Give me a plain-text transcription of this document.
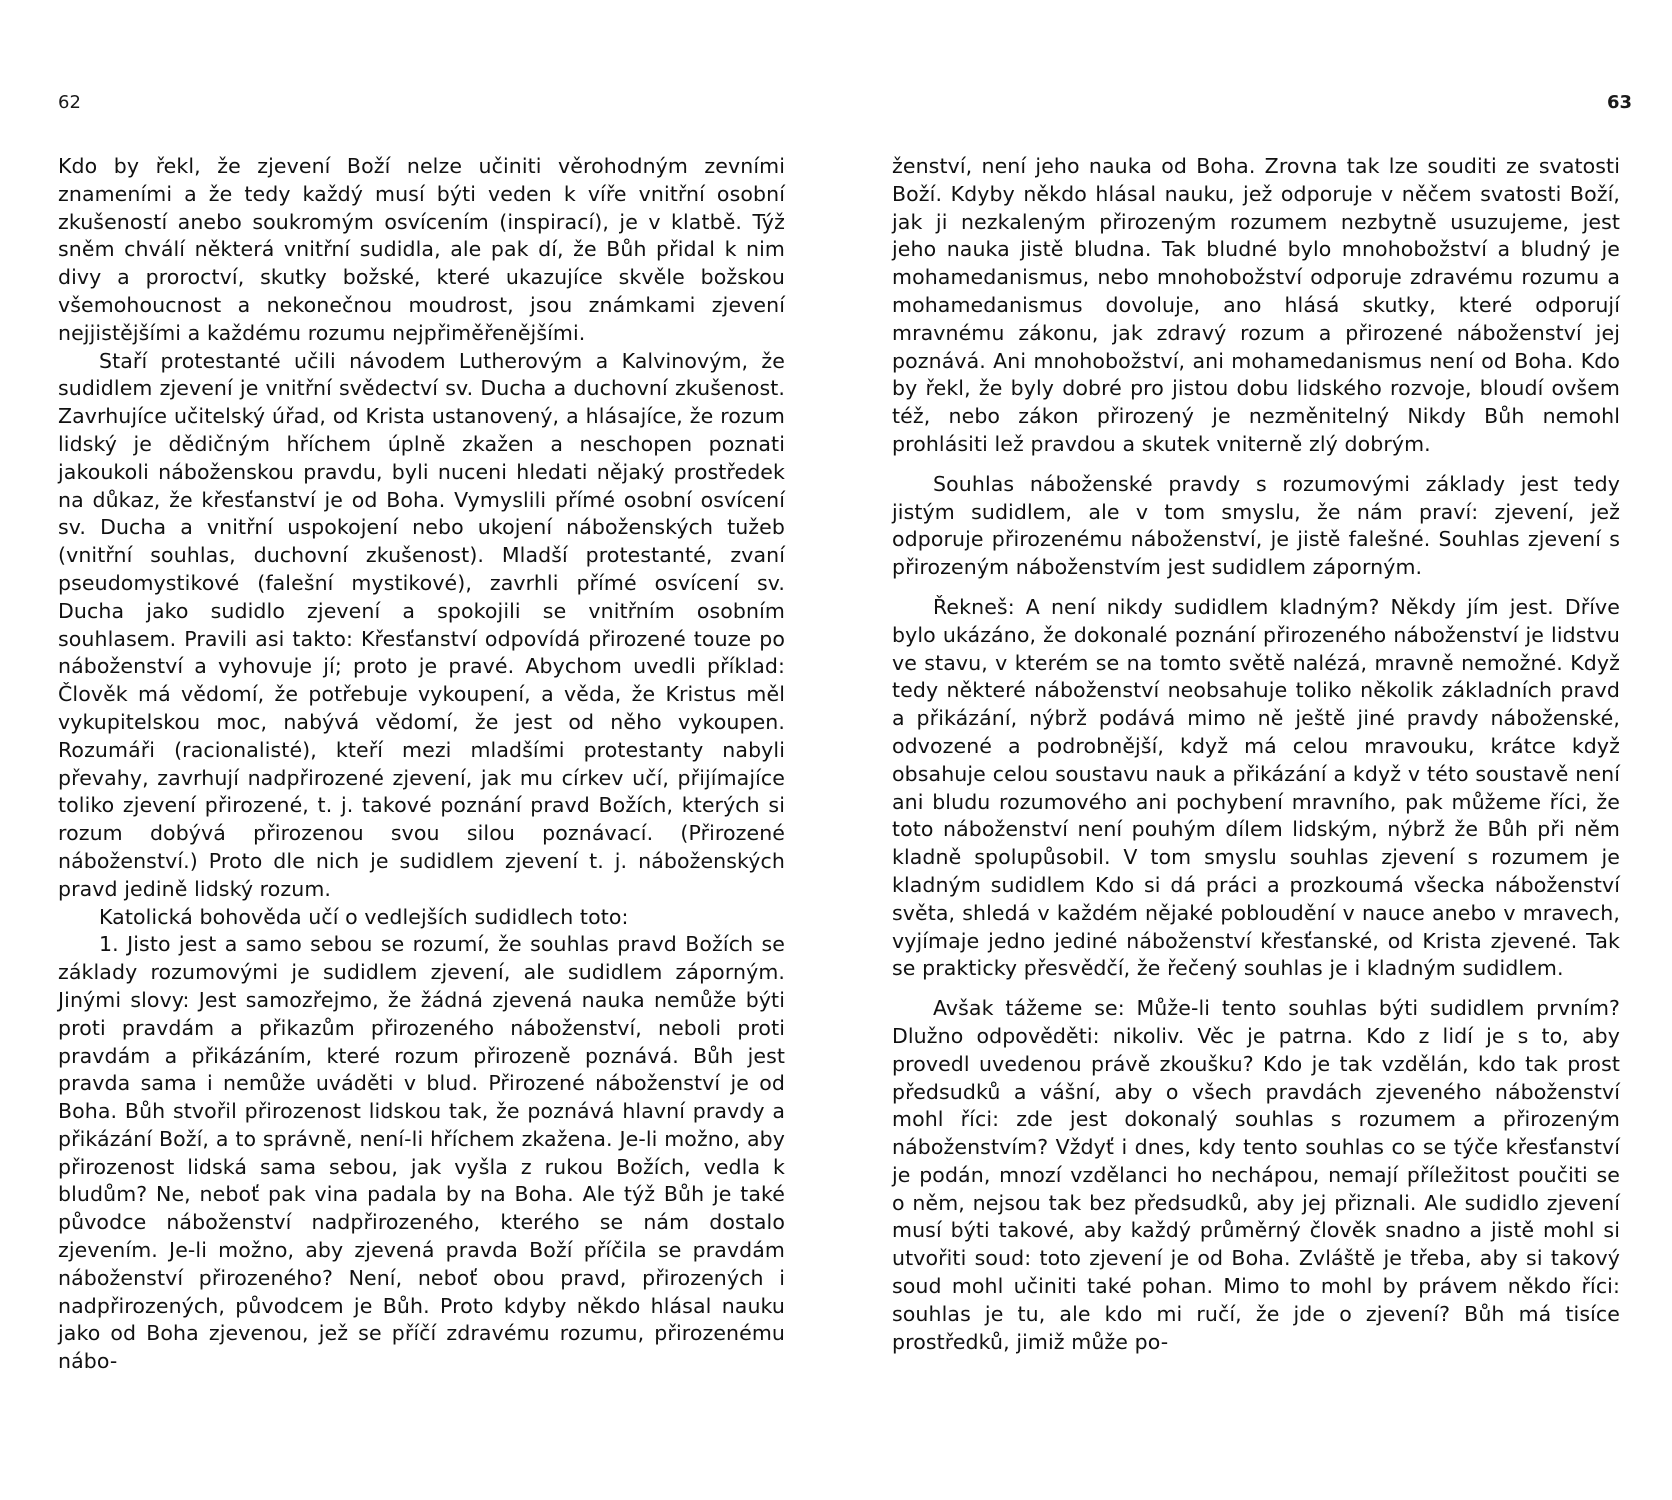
62

Kdo by řekl, že zjevení Boží nelze učiniti věrohodným zevními znameními a že tedy každý musí býti veden k víře vnitřní osobní zkušeností anebo soukromým osvícením (inspirací), je v klatbě. Týž sněm chválí některá vnitřní sudidla, ale pak dí, že Bůh přidal k nim divy a proroctví, skutky božské, které ukazujíce skvěle božskou všemohoucnost a nekonečnou moudrost, jsou známkami zjevení nejjistějšími a každému rozumu nejpřiměřenějšími.

Staří protestanté učili návodem Lutherovým a Kalvinovým, že sudidlem zjevení je vnitřní svědectví sv. Ducha a duchovní zkušenost. Zavrhujíce učitelský úřad, od Krista ustanovený, a hlásajíce, že rozum lidský je dědičným hříchem úplně zkažen a neschopen poznati jakoukoli náboženskou pravdu, byli nuceni hledati nějaký prostředek na důkaz, že křesťanství je od Boha. Vymyslili přímé osobní osvícení sv. Ducha a vnitřní uspokojení nebo ukojení náboženských tužeb (vnitřní souhlas, duchovní zkušenost). Mladší protestanté, zvaní pseudomystikové (falešní mystikové), zavrhli přímé osvícení sv. Ducha jako sudidlo zjevení a spokojili se vnitřním osobním souhlasem. Pravili asi takto: Křesťanství odpovídá přirozené touze po náboženství a vyhovuje jí; proto je pravé. Abychom uvedli příklad: Člověk má vědomí, že potřebuje vykoupení, a věda, že Kristus měl vykupitelskou moc, nabývá vědomí, že jest od něho vykoupen. Rozumáři (racionalisté), kteří mezi mladšími protestanty nabyli převahy, zavrhují nadpřirozené zjevení, jak mu církev učí, přijímajíce toliko zjevení přirozené, t. j. takové poznání pravd Božích, kterých si rozum dobývá přirozenou svou silou poznávací. (Přirozené náboženství.) Proto dle nich je sudidlem zjevení t. j. náboženských pravd jedině lidský rozum.

Katolická bohověda učí o vedlejších sudidlech toto:

1. Jisto jest a samo sebou se rozumí, že souhlas pravd Božích se základy rozumovými je sudidlem zjevení, ale sudidlem záporným. Jinými slovy: Jest samozřejmo, že žádná zjevená nauka nemůže býti proti pravdám a přikazům přirozeného náboženství, neboli proti pravdám a přikázáním, které rozum přirozeně poznává. Bůh jest pravda sama i nemůže uváděti v blud. Přirozené náboženství je od Boha. Bůh stvořil přirozenost lidskou tak, že poznává hlavní pravdy a přikázání Boží, a to správně, není-li hříchem zkažena. Je-li možno, aby přirozenost lidská sama sebou, jak vyšla z rukou Božích, vedla k bludům? Ne, neboť pak vina padala by na Boha. Ale týž Bůh je také původce náboženství nadpřirozeného, kterého se nám dostalo zjevením. Je-li možno, aby zjevená pravda Boží příčila se pravdám náboženství přirozeného? Není, neboť obou pravd, přirozených i nadpřirozených, původcem je Bůh. Proto kdyby někdo hlásal nauku jako od Boha zjevenou, jež se příčí zdravému rozumu, přirozenému nábo-

63

ženství, není jeho nauka od Boha. Zrovna tak lze souditi ze svatosti Boží. Kdyby někdo hlásal nauku, jež odporuje v něčem svatosti Boží, jak ji nezkaleným přirozeným rozumem nezbytně usuzujeme, jest jeho nauka jistě bludna. Tak bludné bylo mnohobožství a bludný je mohamedanismus, nebo mnohobožství odporuje zdravému rozumu a mohamedanismus dovoluje, ano hlásá skutky, které odporují mravnému zákonu, jak zdravý rozum a přirozené náboženství jej poznává. Ani mnohobožství, ani mohamedanismus není od Boha. Kdo by řekl, že byly dobré pro jistou dobu lidského rozvoje, bloudí ovšem též, nebo zákon přirozený je nezměnitelný Nikdy Bůh nemohl prohlásiti lež pravdou a skutek vniterně zlý dobrým.

Souhlas náboženské pravdy s rozumovými základy jest tedy jistým sudidlem, ale v tom smyslu, že nám praví: zjevení, jež odporuje přirozenému náboženství, je jistě falešné. Souhlas zjevení s přirozeným náboženstvím jest sudidlem záporným.

Řekneš: A není nikdy sudidlem kladným? Někdy jím jest. Dříve bylo ukázáno, že dokonalé poznání přirozeného náboženství je lidstvu ve stavu, v kterém se na tomto světě nalézá, mravně nemožné. Když tedy některé náboženství neobsahuje toliko několik základních pravd a přikázání, nýbrž podává mimo ně ještě jiné pravdy náboženské, odvozené a podrobnější, když má celou mravouku, krátce když obsahuje celou soustavu nauk a přikázání a když v této soustavě není ani bludu rozumového ani pochybení mravního, pak můžeme říci, že toto náboženství není pouhým dílem lidským, nýbrž že Bůh při něm kladně spolupůsobil. V tom smyslu souhlas zjevení s rozumem je kladným sudidlem Kdo si dá práci a prozkoumá všecka náboženství světa, shledá v každém nějaké pobloudění v nauce anebo v mravech, vyjímaje jedno jediné náboženství křesťanské, od Krista zjevené. Tak se prakticky přesvědčí, že řečený souhlas je i kladným sudidlem.

Avšak tážeme se: Může-li tento souhlas býti sudidlem prvním? Dlužno odpověděti: nikoliv. Věc je patrna. Kdo z lidí je s to, aby provedl uvedenou právě zkoušku? Kdo je tak vzdělán, kdo tak prost předsudků a vášní, aby o všech pravdách zjeveného náboženství mohl říci: zde jest dokonalý souhlas s rozumem a přirozeným náboženstvím? Vždyť i dnes, kdy tento souhlas co se týče křesťanství je podán, mnozí vzdělanci ho nechápou, nemají příležitost poučiti se o něm, nejsou tak bez předsudků, aby jej přiznali. Ale sudidlo zjevení musí býti takové, aby každý průměrný člověk snadno a jistě mohl si utvořiti soud: toto zjevení je od Boha. Zvláště je třeba, aby si takový soud mohl učiniti také pohan. Mimo to mohl by právem někdo říci: souhlas je tu, ale kdo mi ručí, že jde o zjevení? Bůh má tisíce prostředků, jimiž může po-
